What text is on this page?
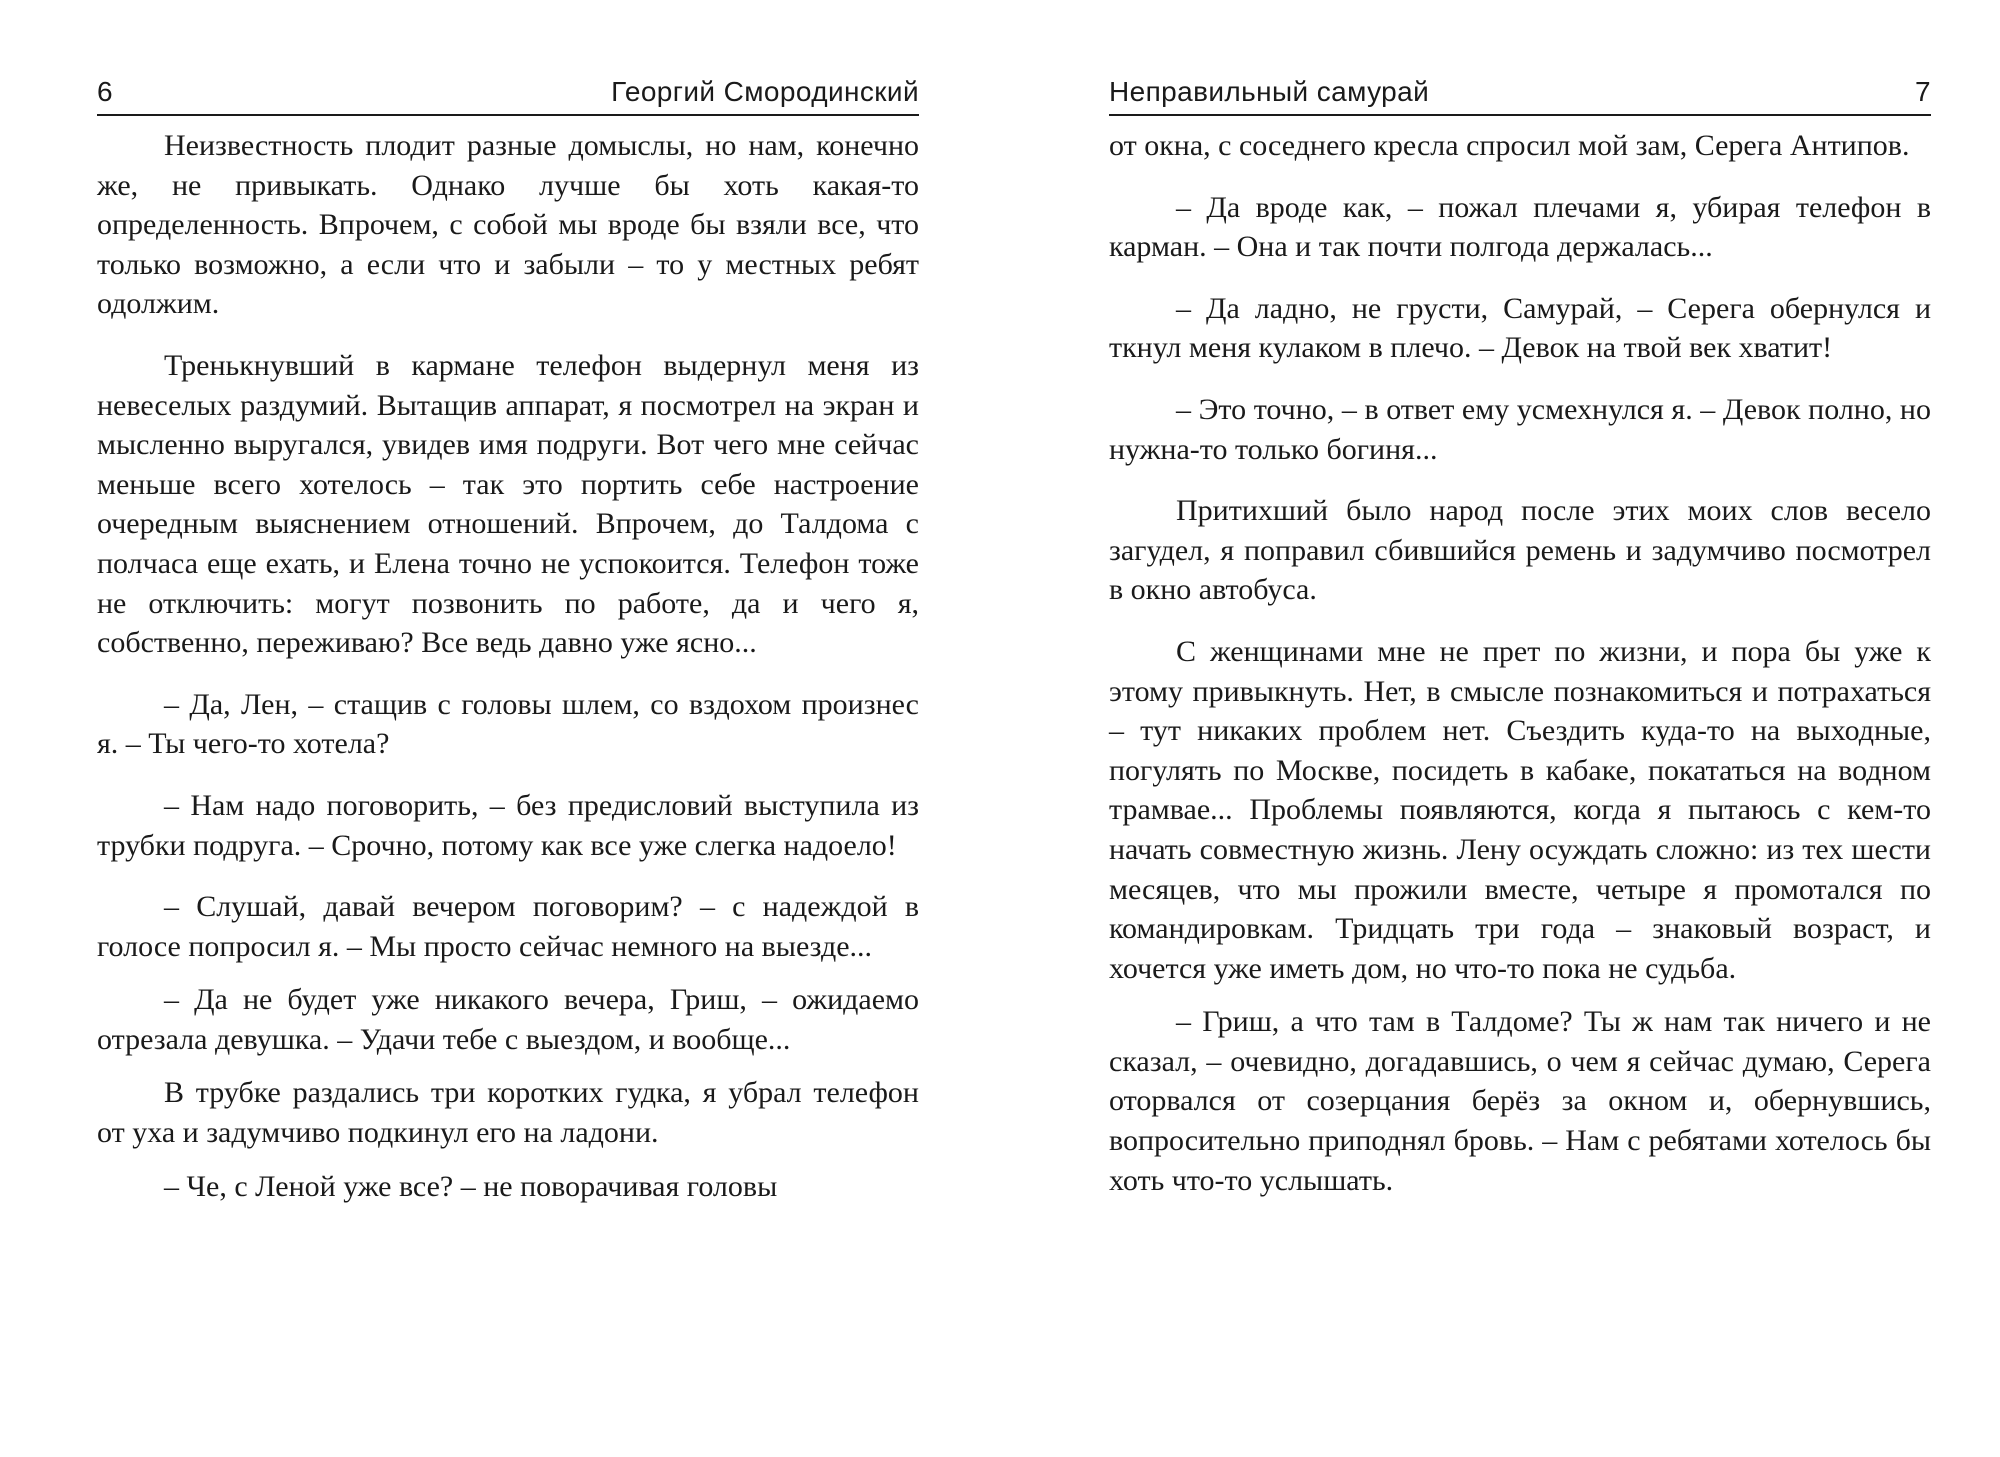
6	Георгий Смородинский

Неизвестность плодит разные домыслы, но нам, конечно же, не привыкать. Однако лучше бы хоть какая-то определенность. Впрочем, с собой мы вроде бы взяли все, что только возможно, а если что и забыли – то у местных ребят одолжим.

Тренькнувший в кармане телефон выдернул меня из невеселых раздумий. Вытащив аппарат, я посмотрел на экран и мысленно выругался, увидев имя подруги. Вот чего мне сейчас меньше всего хотелось – так это портить себе настроение очередным выяснением отношений. Впрочем, до Талдома с полчаса еще ехать, и Елена точно не успокоится. Телефон тоже не отключить: могут позвонить по работе, да и чего я, собственно, переживаю? Все ведь давно уже ясно...

– Да, Лен, – стащив с головы шлем, со вздохом произнес я. – Ты чего-то хотела?

– Нам надо поговорить, – без предисловий выступила из трубки подруга. – Срочно, потому как все уже слегка надоело!

– Слушай, давай вечером поговорим? – с надеждой в голосе попросил я. – Мы просто сейчас немного на выезде...

– Да не будет уже никакого вечера, Гриш, – ожидаемо отрезала девушка. – Удачи тебе с выездом, и вообще...

В трубке раздались три коротких гудка, я убрал телефон от уха и задумчиво подкинул его на ладони.

– Че, с Леной уже все? – не поворачивая головы

Неправильный самурай	7

от окна, с соседнего кресла спросил мой зам, Серега Антипов.

– Да вроде как, – пожал плечами я, убирая телефон в карман. – Она и так почти полгода держалась...

– Да ладно, не грусти, Самурай, – Серега обернулся и ткнул меня кулаком в плечо. – Девок на твой век хватит!

– Это точно, – в ответ ему усмехнулся я. – Девок полно, но нужна-то только богиня...

Притихший было народ после этих моих слов весело загудел, я поправил сбившийся ремень и задумчиво посмотрел в окно автобуса.

С женщинами мне не прет по жизни, и пора бы уже к этому привыкнуть. Нет, в смысле познакомиться и потрахаться – тут никаких проблем нет. Съездить куда-то на выходные, погулять по Москве, посидеть в кабаке, покататься на водном трамвае... Проблемы появляются, когда я пытаюсь с кем-то начать совместную жизнь. Лену осуждать сложно: из тех шести месяцев, что мы прожили вместе, четыре я промотался по командировкам. Тридцать три года – знаковый возраст, и хочется уже иметь дом, но что-то пока не судьба.

– Гриш, а что там в Талдоме? Ты ж нам так ничего и не сказал, – очевидно, догадавшись, о чем я сейчас думаю, Серега оторвался от созерцания берёз за окном и, обернувшись, вопросительно приподнял бровь. – Нам с ребятами хотелось бы хоть что-то услышать.
